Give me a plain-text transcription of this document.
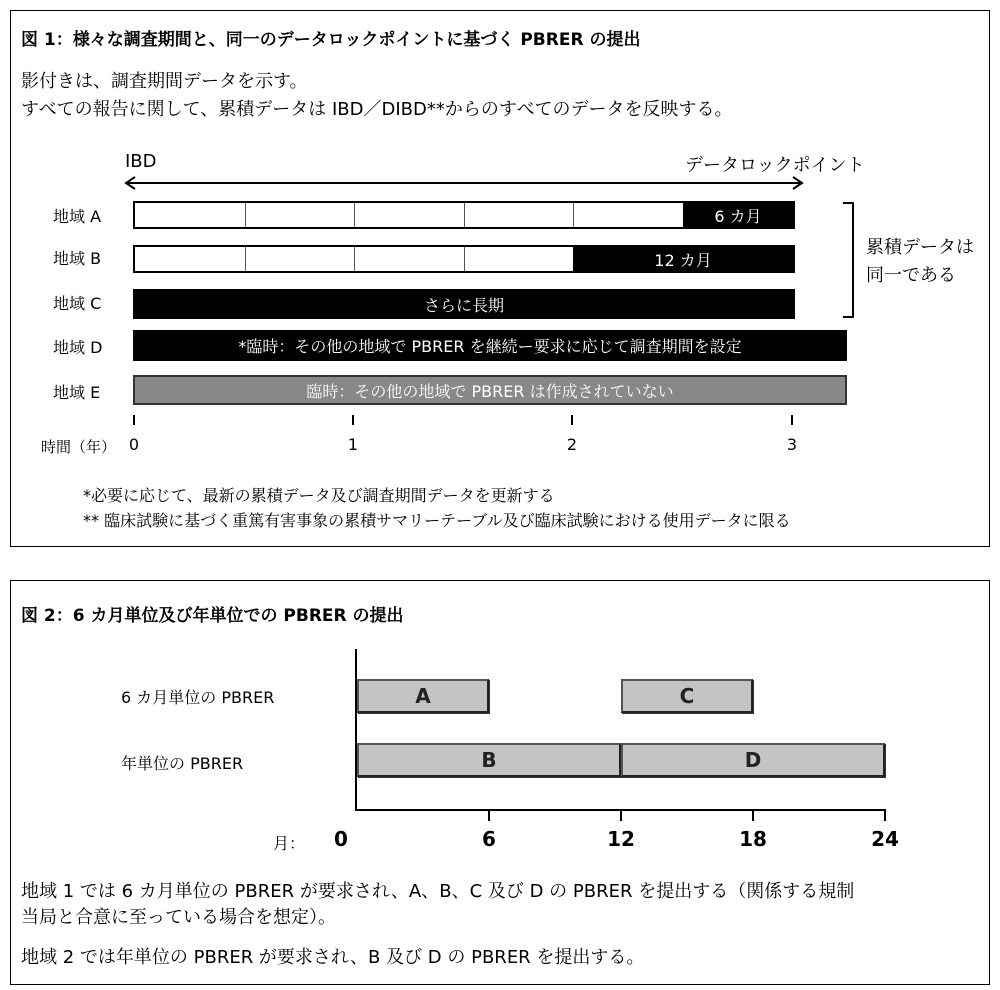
図 1：様々な調査期間と、同一のデータロックポイントに基づく PBRER の提出
影付きは、調査期間データを示す。
すべての報告に関して、累積データは IBD／DIBD**からのすべてのデータを反映する。
IBD	データロックポイント
地域 A	6 カ月
地域 B	12 カ月
地域 C	さらに長期
累積データは
同一である
地域 D	*臨時：その他の地域で PBRER を継続ー要求に応じて調査期間を設定
地域 E	臨時：その他の地域で PBRER は作成されていない
時間（年） 0	1	2	3
*必要に応じて、最新の累積データ及び調査期間データを更新する
** 臨床試験に基づく重篤有害事象の累積サマリーテーブル及び臨床試験における使用データに限る
図 2：6 カ月単位及び年単位での PBRER の提出
6 カ月単位の PBRER
年単位の PBRER
A	C
B	D
月：	0	6	12	18	24
地域 1 では 6 カ月単位の PBRER が要求され、A、B、C 及び D の PBRER を提出する（関係する規制
当局と合意に至っている場合を想定）。
地域 2 では年単位の PBRER が要求され、B 及び D の PBRER を提出する。
